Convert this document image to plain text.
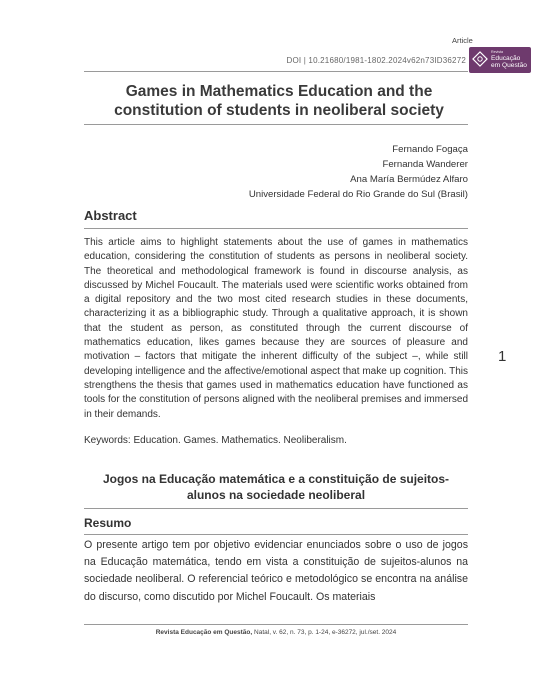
Article
DOI | 10.21680/1981-1802.2024v62n73ID36272
Revista
Educação
em Questão
Games in Mathematics Education and the constitution of students in neoliberal society
Fernando Fogaça
Fernanda Wanderer
Ana María Bermúdez Alfaro
Universidade Federal do Rio Grande do Sul (Brasil)
Abstract

This article aims to highlight statements about the use of games in mathematics education, considering the constitution of students as persons in neoliberal society. The theoretical and methodological framework is found in discourse analysis, as discussed by Michel Foucault. The materials used were scientific works obtained from a digital repository and the two most cited research studies in these documents, characterizing it as a bibliographic study. Through a qualitative approach, it is shown that the student as person, as constituted through the current discourse of mathematics education, likes games because they are sources of pleasure and motivation – factors that mitigate the inherent difficulty of the subject –, while still developing intelligence and the affective/emotional aspect that make up cognition. This strengthens the thesis that games used in mathematics education have functioned as tools for the constitution of persons aligned with the neoliberal premises and immersed in their demands.

Keywords: Education. Games. Mathematics. Neoliberalism.
1
Jogos na Educação matemática e a constituição de sujeitos-alunos na sociedade neoliberal
Resumo

O presente artigo tem por objetivo evidenciar enunciados sobre o uso de jogos na Educação matemática, tendo em vista a constituição de sujeitos-alunos na sociedade neoliberal. O referencial teórico e metodológico se encontra na análise do discurso, como discutido por Michel Foucault. Os materiais

Revista Educação em Questão, Natal, v. 62, n. 73, p. 1-24, e-36272, jul./set. 2024
